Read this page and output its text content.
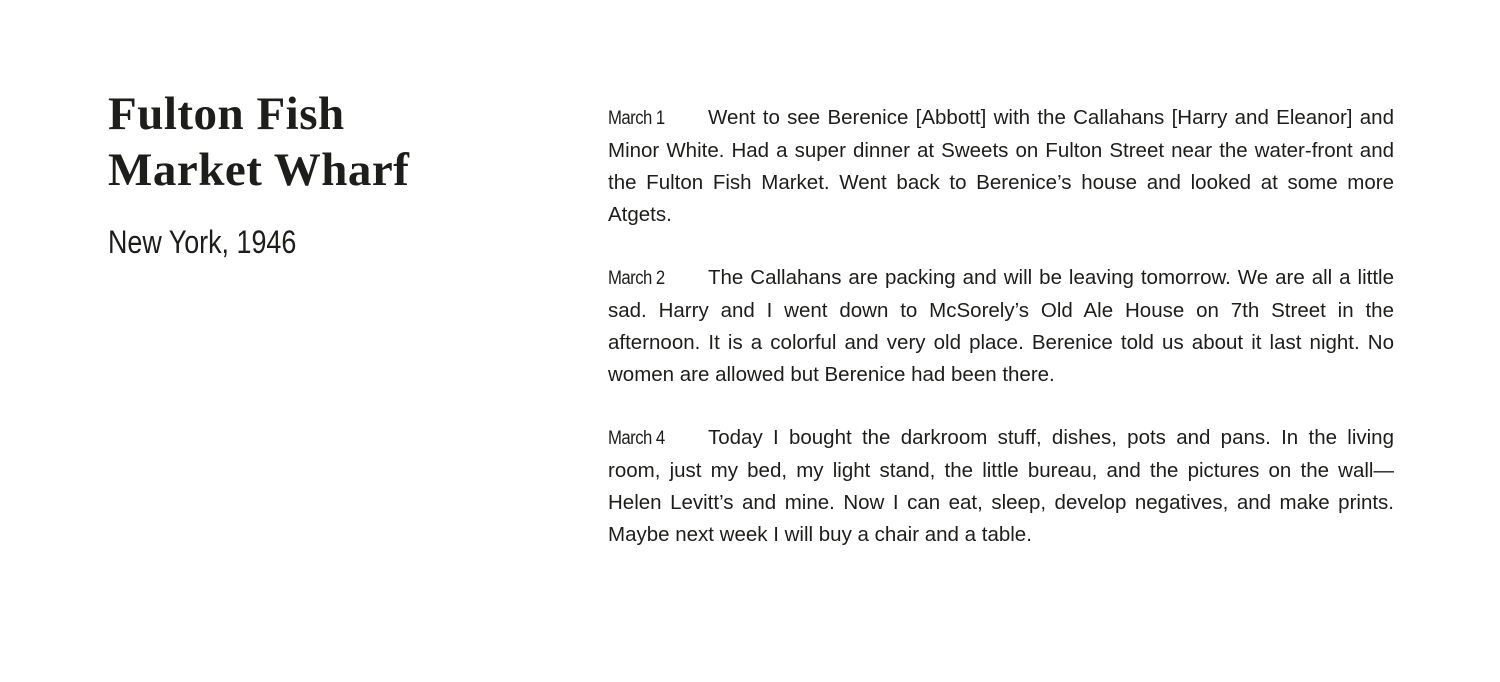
Fulton Fish
Market Wharf
New York, 1946

March 1 Went to see Berenice [Abbott] with the Callahans [Harry and Eleanor] and Minor White. Had a super dinner at Sweets on Fulton Street near the water-front and the Fulton Fish Market. Went back to Berenice’s house and looked at some more Atgets.

March 2 The Callahans are packing and will be leaving tomorrow. We are all a little sad. Harry and I went down to McSorely’s Old Ale House on 7th Street in the afternoon. It is a colorful and very old place. Berenice told us about it last night. No women are allowed but Berenice had been there.

March 4 Today I bought the darkroom stuff, dishes, pots and pans. In the living room, just my bed, my light stand, the little bureau, and the pictures on the wall—Helen Levitt’s and mine. Now I can eat, sleep, develop negatives, and make prints. Maybe next week I will buy a chair and a table.
